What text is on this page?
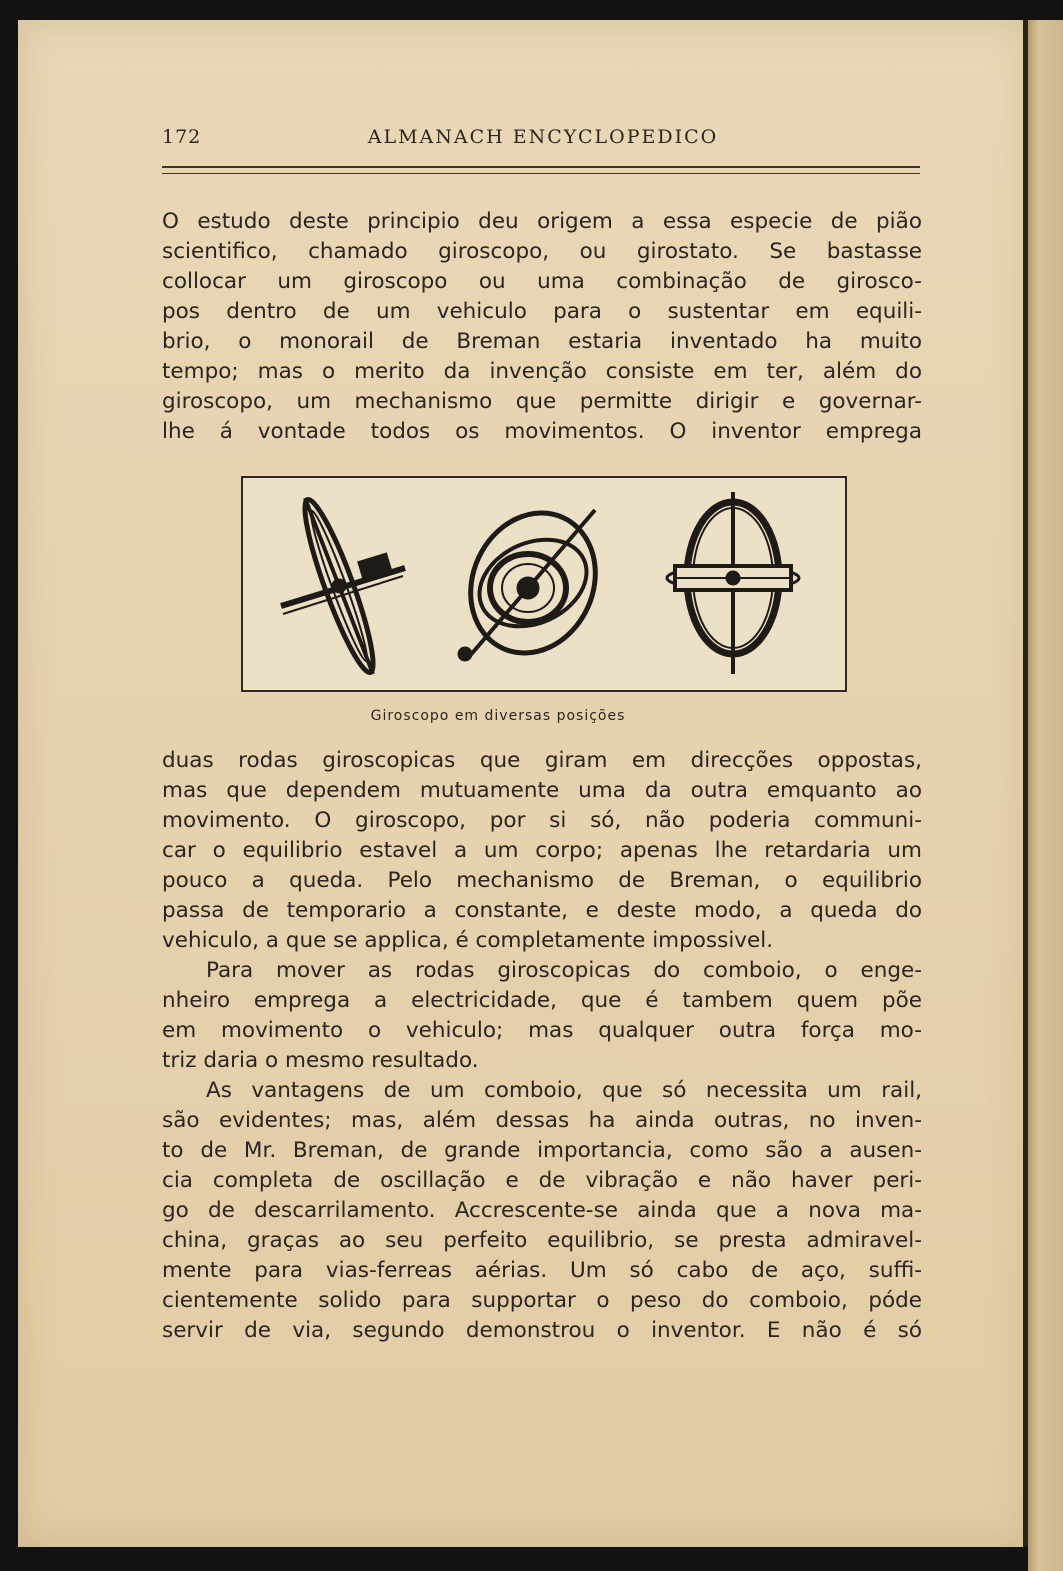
172	ALMANACH ENCYCLOPEDICO

O estudo deste principio deu origem a essa especie de pião
scientifico, chamado giroscopo, ou girostato. Se bastasse
collocar um giroscopo ou uma combinação de girosco-
pos dentro de um vehiculo para o sustentar em equili-
brio, o monorail de Breman estaria inventado ha muito
tempo; mas o merito da invenção consiste em ter, além do
giroscopo, um mechanismo que permitte dirigir e governar-
lhe á vontade todos os movimentos. O inventor emprega

Giroscopo em diversas posições

duas rodas giroscopicas que giram em direcções oppostas,
mas que dependem mutuamente uma da outra emquanto ao
movimento. O giroscopo, por si só, não poderia communi-
car o equilibrio estavel a um corpo; apenas lhe retardaria um
pouco a queda. Pelo mechanismo de Breman, o equilibrio
passa de temporario a constante, e deste modo, a queda do
vehiculo, a que se applica, é completamente impossivel.

Para mover as rodas giroscopicas do comboio, o enge-
nheiro emprega a electricidade, que é tambem quem põe
em movimento o vehiculo; mas qualquer outra força mo-
triz daria o mesmo resultado.

As vantagens de um comboio, que só necessita um rail,
são evidentes; mas, além dessas ha ainda outras, no inven-
to de Mr. Breman, de grande importancia, como são a ausen-
cia completa de oscillação e de vibração e não haver peri-
go de descarrilamento. Accrescente-se ainda que a nova ma-
china, graças ao seu perfeito equilibrio, se presta admiravel-
mente para vias-ferreas aérias. Um só cabo de aço, suffi-
cientemente solido para supportar o peso do comboio, póde
servir de via, segundo demonstrou o inventor. E não é só
